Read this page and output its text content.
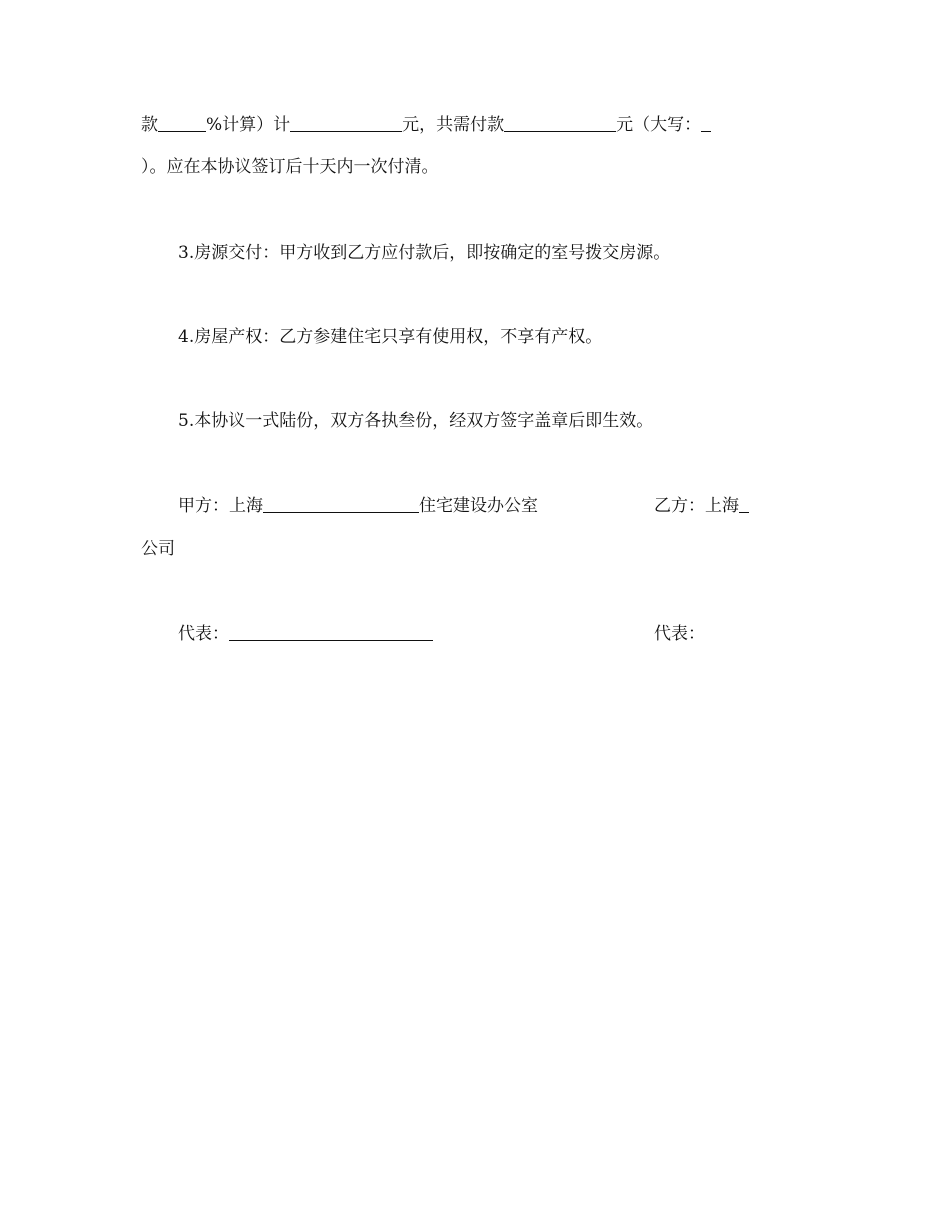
款	%计算）计	元，共需付款	元（大写：
）。应在本协议签订后十天内一次付清。
3.房源交付：甲方收到乙方应付款后，即按确定的室号拨交房源。
4.房屋产权：乙方参建住宅只享有使用权，不享有产权。
5.本协议一式陆份，双方各执叁份，经双方签字盖章后即生效。
甲方：上海	住宅建设办公室	乙方：上海
公司
代表：	代表：
